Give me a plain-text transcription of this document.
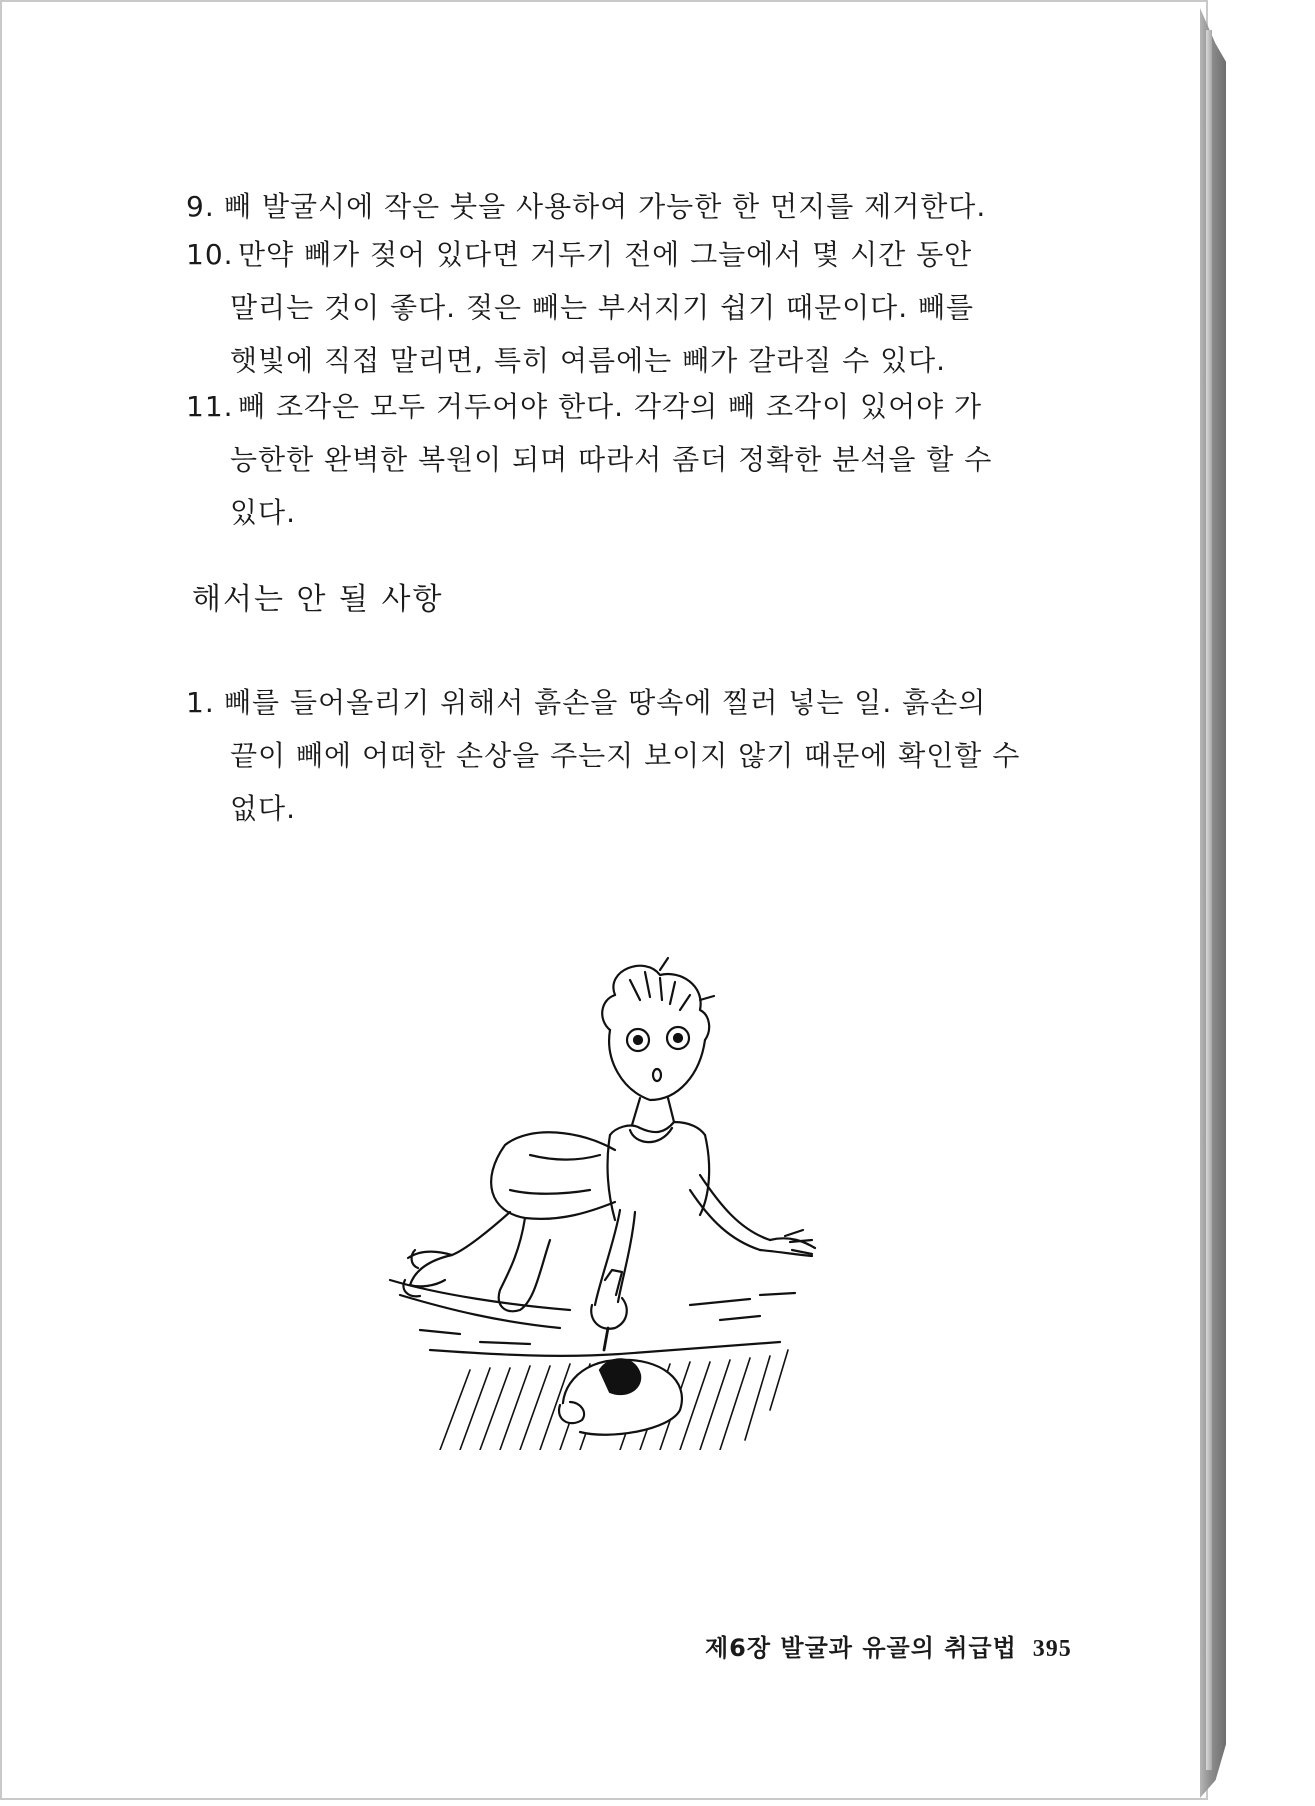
9. 빼 발굴시에 작은 붓을 사용하여 가능한 한 먼지를 제거한다.
10. 만약 빼가 젖어 있다면 거두기 전에 그늘에서 몇 시간 동안
말리는 것이 좋다. 젖은 빼는 부서지기 쉽기 때문이다. 빼를
햇빛에 직접 말리면, 특히 여름에는 빼가 갈라질 수 있다.
11. 빼 조각은 모두 거두어야 한다. 각각의 빼 조각이 있어야 가
능한한 완벽한 복원이 되며 따라서 좀더 정확한 분석을 할 수
있다.
해서는 안 될 사항
1. 빼를 들어올리기 위해서 흙손을 땅속에 찔러 넣는 일. 흙손의
끝이 빼에 어떠한 손상을 주는지 보이지 않기 때문에 확인할 수
없다.
제6장 발굴과 유골의 취급법 395
